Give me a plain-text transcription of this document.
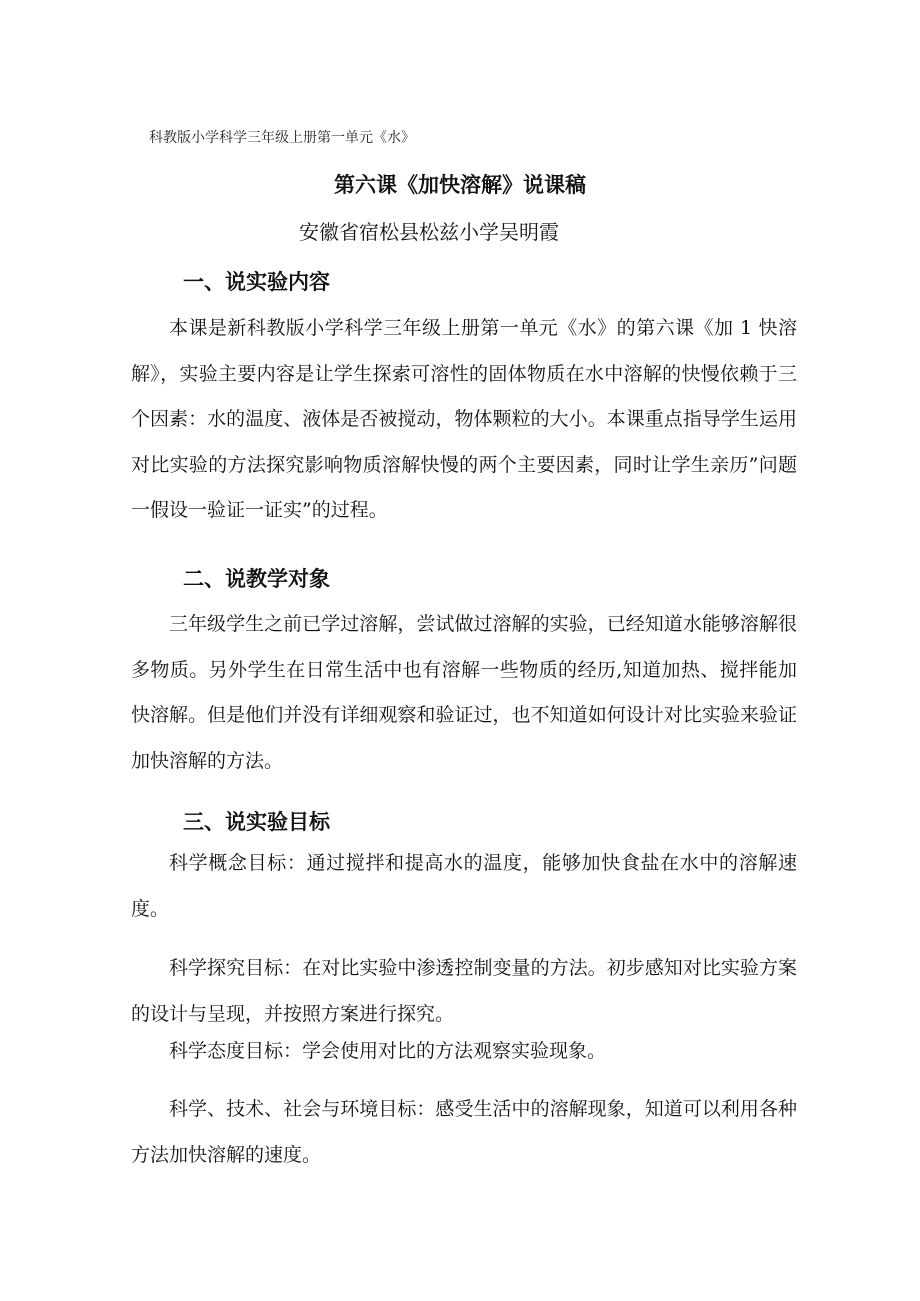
科教版小学科学三年级上册第一单元《水》
第六课《加快溶解》说课稿
安徽省宿松县松兹小学吴明霞
一、说实验内容

本课是新科教版小学科学三年级上册第一单元《水》的第六课《加 1 快溶解》，实验主要内容是让学生探索可溶性的固体物质在水中溶解的快慢依赖于三个因素：水的温度、液体是否被搅动，物体颗粒的大小。本课重点指导学生运用对比实验的方法探究影响物质溶解快慢的两个主要因素，同时让学生亲历”问题一假设一验证一证实”的过程。

二、说教学对象

三年级学生之前已学过溶解，尝试做过溶解的实验，已经知道水能够溶解很多物质。另外学生在日常生活中也有溶解一些物质的经历,知道加热、搅拌能加快溶解。但是他们并没有详细观察和验证过，也不知道如何设计对比实验来验证加快溶解的方法。

三、说实验目标

科学概念目标：通过搅拌和提高水的温度，能够加快食盐在水中的溶解速度。

科学探究目标：在对比实验中渗透控制变量的方法。初步感知对比实验方案的设计与呈现，并按照方案进行探究。

科学态度目标：学会使用对比的方法观察实验现象。

科学、技术、社会与环境目标：感受生活中的溶解现象，知道可以利用各种方法加快溶解的速度。
